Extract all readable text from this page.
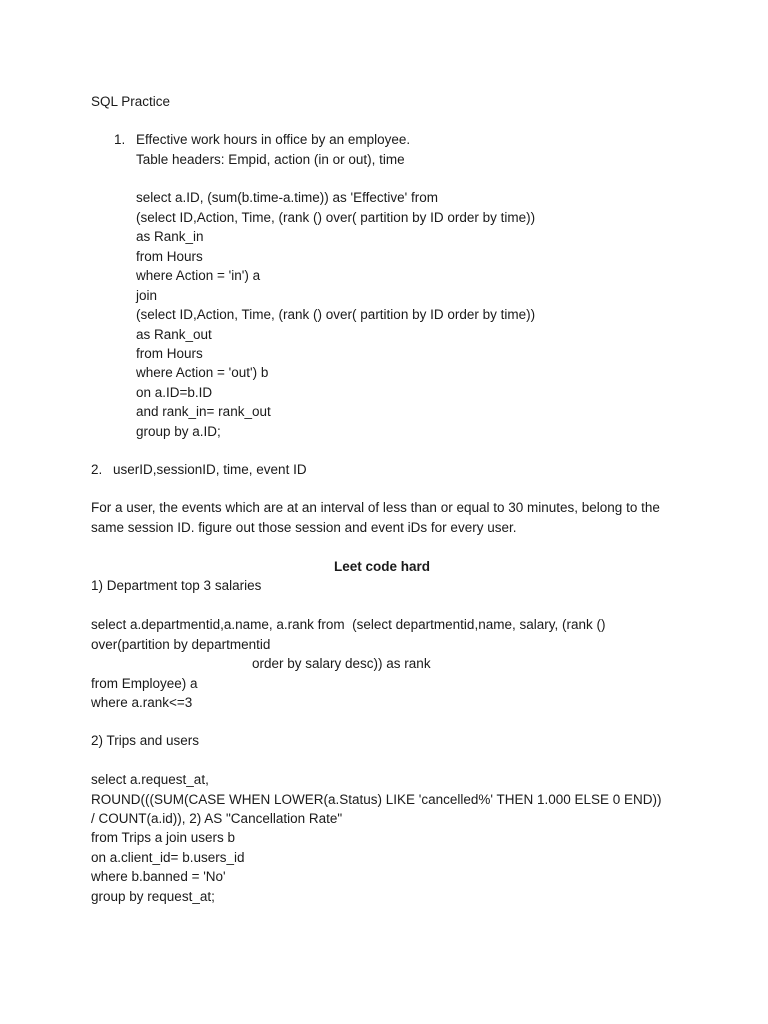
SQL Practice
1. Effective work hours in office by an employee.
Table headers: Empid, action (in or out), time
select a.ID, (sum(b.time-a.time)) as 'Effective' from
(select ID,Action, Time, (rank () over( partition by ID order by time))
as Rank_in
from Hours
where Action = 'in') a
join
(select ID,Action, Time, (rank () over( partition by ID order by time))
as Rank_out
from Hours
where Action = 'out') b
on a.ID=b.ID
and rank_in= rank_out
group by a.ID;
2. userID,sessionID, time, event ID
For a user, the events which are at an interval of less than or equal to 30 minutes, belong to the
same session ID. figure out those session and event iDs for every user.
Leet code hard
1) Department top 3 salaries
select a.departmentid,a.name, a.rank from  (select departmentid,name, salary, (rank ()
over(partition by departmentid
order by salary desc)) as rank
from Employee) a
where a.rank<=3
2) Trips and users
select a.request_at,
ROUND(((SUM(CASE WHEN LOWER(a.Status) LIKE 'cancelled%' THEN 1.000 ELSE 0 END))
/ COUNT(a.id)), 2) AS "Cancellation Rate"
from Trips a join users b
on a.client_id= b.users_id
where b.banned = 'No'
group by request_at;
